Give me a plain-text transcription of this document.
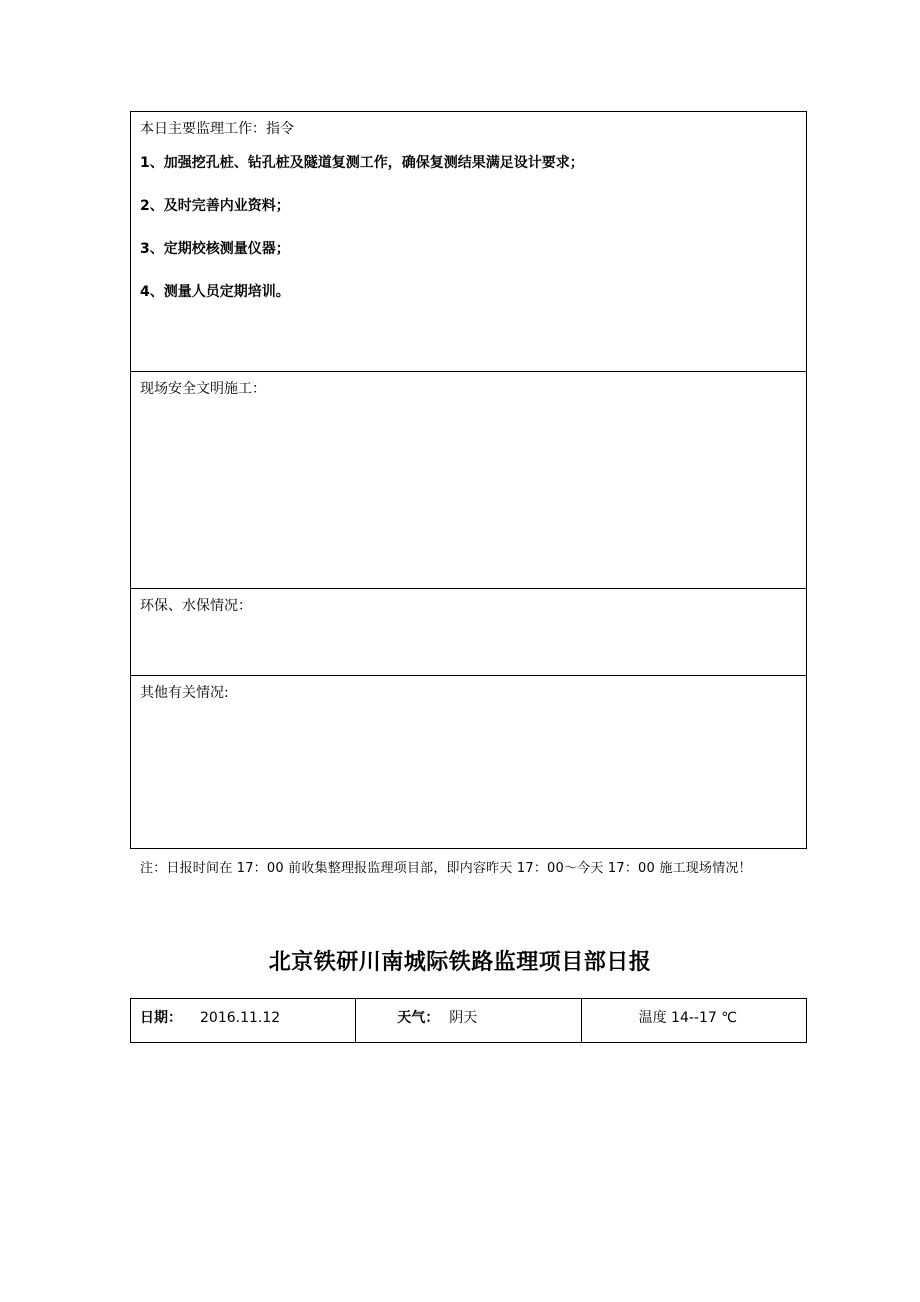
本日主要监理工作：指令
1、加强挖孔桩、钻孔桩及隧道复测工作，确保复测结果满足设计要求；
2、及时完善内业资料；
3、定期校核测量仪器；
4、测量人员定期培训。
现场安全文明施工：
环保、水保情况：
其他有关情况:
注：日报时间在 17：00 前收集整理报监理项目部，即内容昨天 17：00～今天 17：00 施工现场情况！
北京铁研川南城际铁路监理项目部日报
日期： 2016.11.12	天气： 阴天	温度 14--17 ℃
